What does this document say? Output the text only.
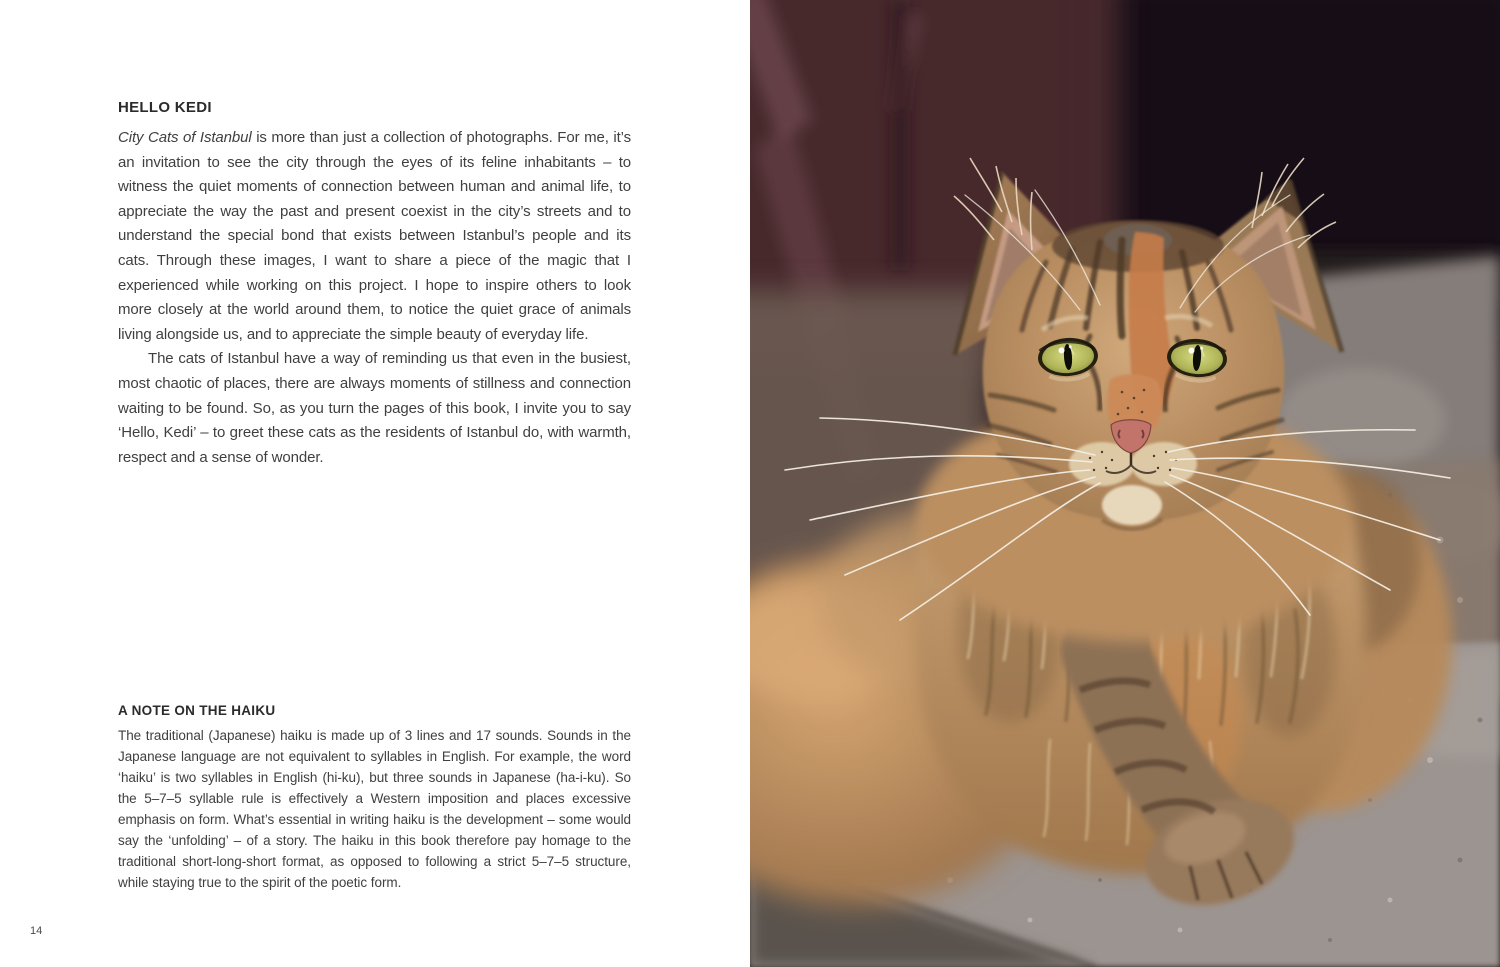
HELLO KEDI

City Cats of Istanbul is more than just a collection of photographs. For me, it’s an invitation to see the city through the eyes of its feline inhabitants – to witness the quiet moments of connection between human and animal life, to appreciate the way the past and present coexist in the city’s streets and to understand the special bond that exists between Istanbul’s people and its cats. Through these images, I want to share a piece of the magic that I experienced while working on this project. I hope to inspire others to look more closely at the world around them, to notice the quiet grace of animals living alongside us, and to appreciate the simple beauty of everyday life.

The cats of Istanbul have a way of reminding us that even in the busiest, most chaotic of places, there are always moments of stillness and connection waiting to be found. So, as you turn the pages of this book, I invite you to say ‘Hello, Kedi’ – to greet these cats as the residents of Istanbul do, with warmth, respect and a sense of wonder.

A NOTE ON THE HAIKU

The traditional (Japanese) haiku is made up of 3 lines and 17 sounds. Sounds in the Japanese language are not equivalent to syllables in English. For example, the word ‘haiku’ is two syllables in English (hi-ku), but three sounds in Japanese (ha-i-ku). So the 5–7–5 syllable rule is effectively a Western imposition and places excessive emphasis on form. What’s essential in writing haiku is the development – some would say the ‘unfolding’ – of a story. The haiku in this book therefore pay homage to the traditional short-long-short format, as opposed to following a strict 5–7–5 structure, while staying true to the spirit of the poetic form.

14
